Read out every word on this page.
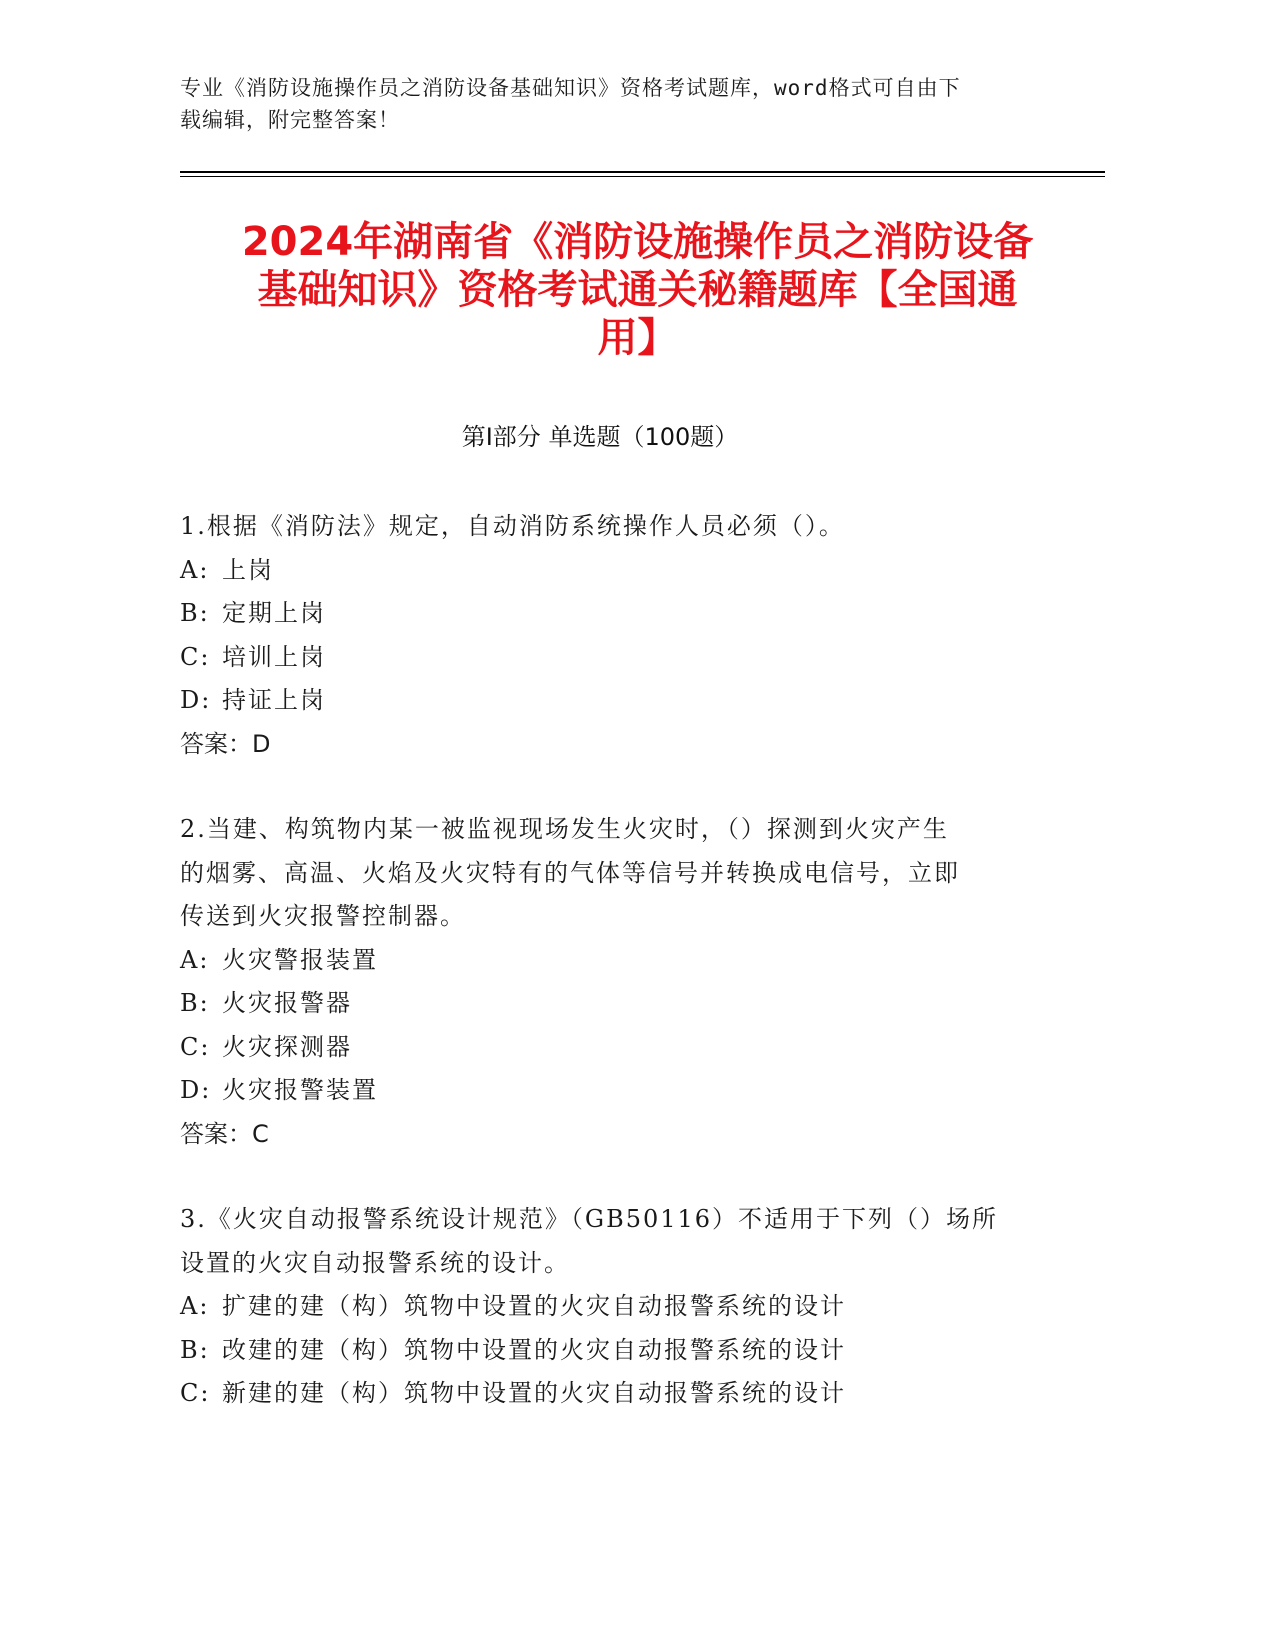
专业《消防设施操作员之消防设备基础知识》资格考试题库，word格式可自由下
载编辑，附完整答案！
2024年湖南省《消防设施操作员之消防设备
基础知识》资格考试通关秘籍题库【全国通
用】
第Ⅰ部分 单选题（100题）
1.根据《消防法》规定，自动消防系统操作人员必须（）。
A: 上岗
B: 定期上岗
C: 培训上岗
D: 持证上岗
答案：D
2.当建、构筑物内某一被监视现场发生火灾时，（）探测到火灾产生
的烟雾、高温、火焰及火灾特有的气体等信号并转换成电信号，立即
传送到火灾报警控制器。
A: 火灾警报装置
B: 火灾报警器
C: 火灾探测器
D: 火灾报警装置
答案：C
3.《火灾自动报警系统设计规范》（GB50116）不适用于下列（）场所
设置的火灾自动报警系统的设计。
A: 扩建的建（构）筑物中设置的火灾自动报警系统的设计
B: 改建的建（构）筑物中设置的火灾自动报警系统的设计
C: 新建的建（构）筑物中设置的火灾自动报警系统的设计
